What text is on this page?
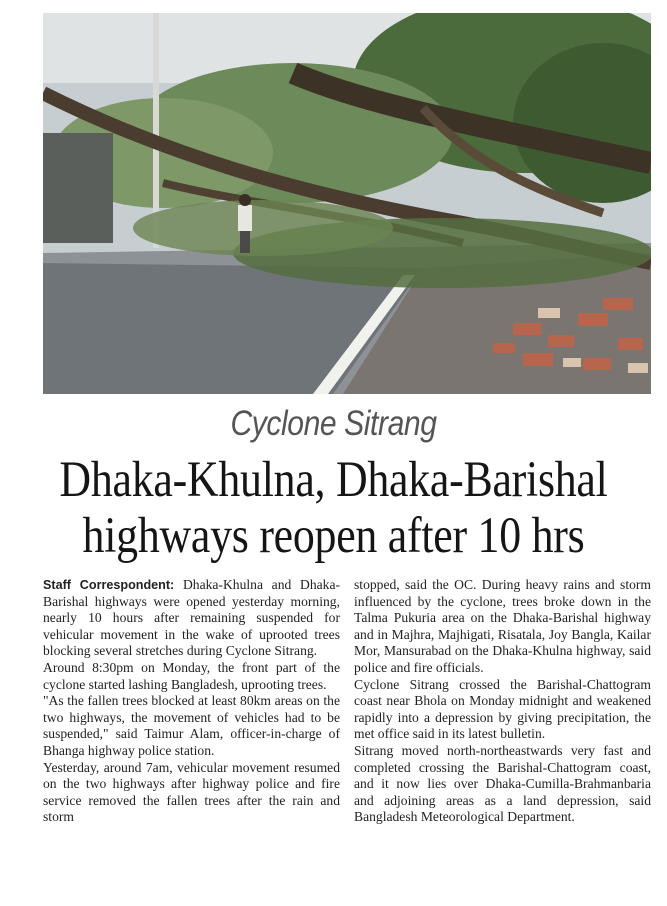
Cyclone Sitrang
Dhaka-Khulna, Dhaka-Barishal
highways reopen after 10 hrs

Staff Correspondent: Dhaka-Khulna and Dhaka-Barishal highways were opened yesterday morning, nearly 10 hours after remaining suspended for vehicular movement in the wake of uprooted trees blocking several stretches during Cyclone Sitrang.

Around 8:30pm on Monday, the front part of the cyclone started lashing Bangladesh, uprooting trees.

"As the fallen trees blocked at least 80km areas on the two highways, the movement of vehicles had to be suspended," said Taimur Alam, officer-in-charge of Bhanga highway police station.

Yesterday, around 7am, vehicular movement resumed on the two highways after highway police and fire service removed the fallen trees after the rain and storm

stopped, said the OC. During heavy rains and storm influenced by the cyclone, trees broke down in the Talma Pukuria area on the Dhaka-Barishal highway and in Majhra, Majhigati, Risatala, Joy Bangla, Kailar Mor, Mansurabad on the Dhaka-Khulna highway, said police and fire officials.

Cyclone Sitrang crossed the Barishal-Chattogram coast near Bhola on Monday midnight and weakened rapidly into a depression by giving precipitation, the met office said in its latest bulletin.

Sitrang moved north-northeastwards very fast and completed crossing the Barishal-Chattogram coast, and it now lies over Dhaka-Cumilla-Brahmanbaria and adjoining areas as a land depression, said Bangladesh Meteorological Department.
